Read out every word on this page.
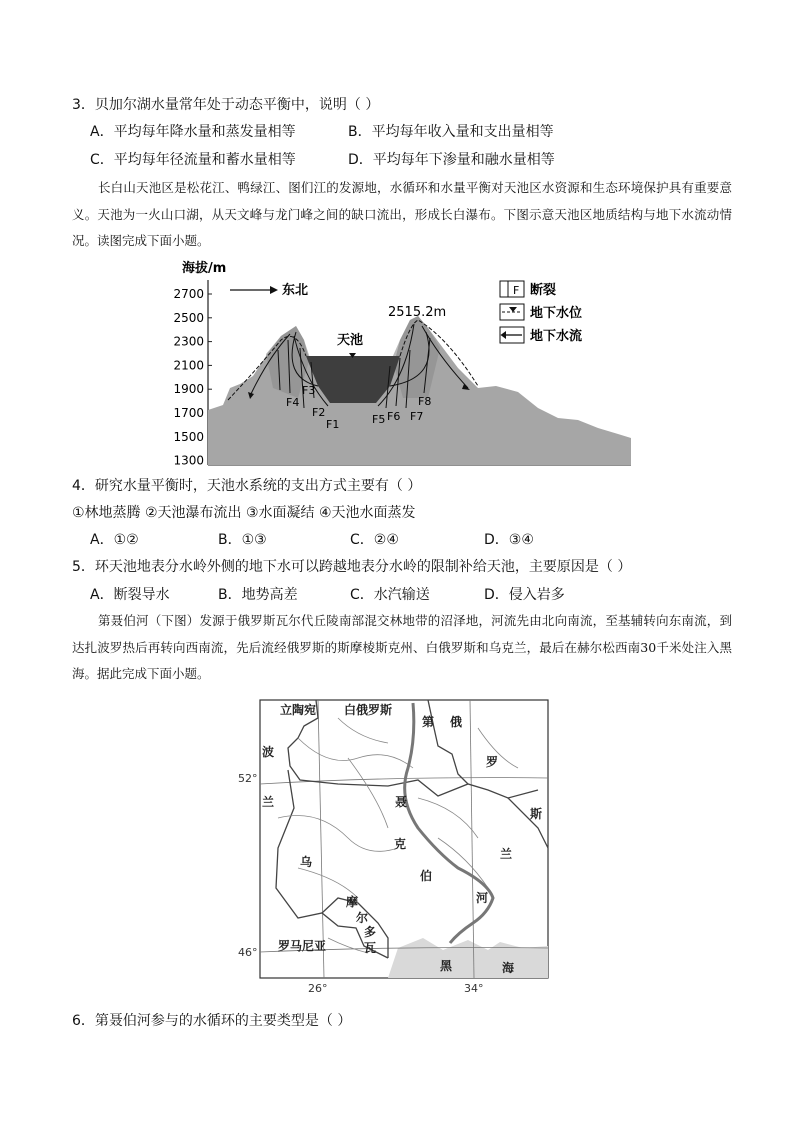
3．贝加尔湖水量常年处于动态平衡中，说明（ ）
A．平均每年降水量和蒸发量相等	B．平均每年收入量和支出量相等
C．平均每年径流量和蓄水量相等	D．平均每年下渗量和融水量相等
长白山天池区是松花江、鸭绿江、图们江的发源地，水循环和水量平衡对天池区水资源和生态环境保护具有重要意义。天池为一火山口湖，从天文峰与龙门峰之间的缺口流出，形成长白瀑布。下图示意天池区地质结构与地下水流动情况。读图完成下面小题。
海拔/m
2700
2500
2300
2100
1900
1700
1500
1300
天池
2515.2m
东北
F1
F2
F3
F4
F5 F6 F7
F8
F 断裂
地下水位
地下水流
4．研究水量平衡时，天池水系统的支出方式主要有（ ）
①林地蒸腾 ②天池瀑布流出 ③水面凝结 ④天池水面蒸发
A．①②	B．①③	C．②④	D．③④
5．环天池地表分水岭外侧的地下水可以跨越地表分水岭的限制补给天池，主要原因是（ ）
A．断裂导水	B．地势高差	C．水汽输送	D．侵入岩多
第聂伯河（下图）发源于俄罗斯瓦尔代丘陵南部混交林地带的沼泽地，河流先由北向南流，至基辅转向东南流，到达扎波罗热后再转向西南流，先后流经俄罗斯的斯摩棱斯克州、白俄罗斯和乌克兰，最后在赫尔松西南30千米处注入黑海。据此完成下面小题。
立陶宛 白俄罗斯
波
兰
俄
罗
斯
乌
克
兰
摩
尔
多
瓦
罗马尼亚
第
聂
伯
河
黑	海
52°
46°
26°	34°
6．第聂伯河参与的水循环的主要类型是（ ）
